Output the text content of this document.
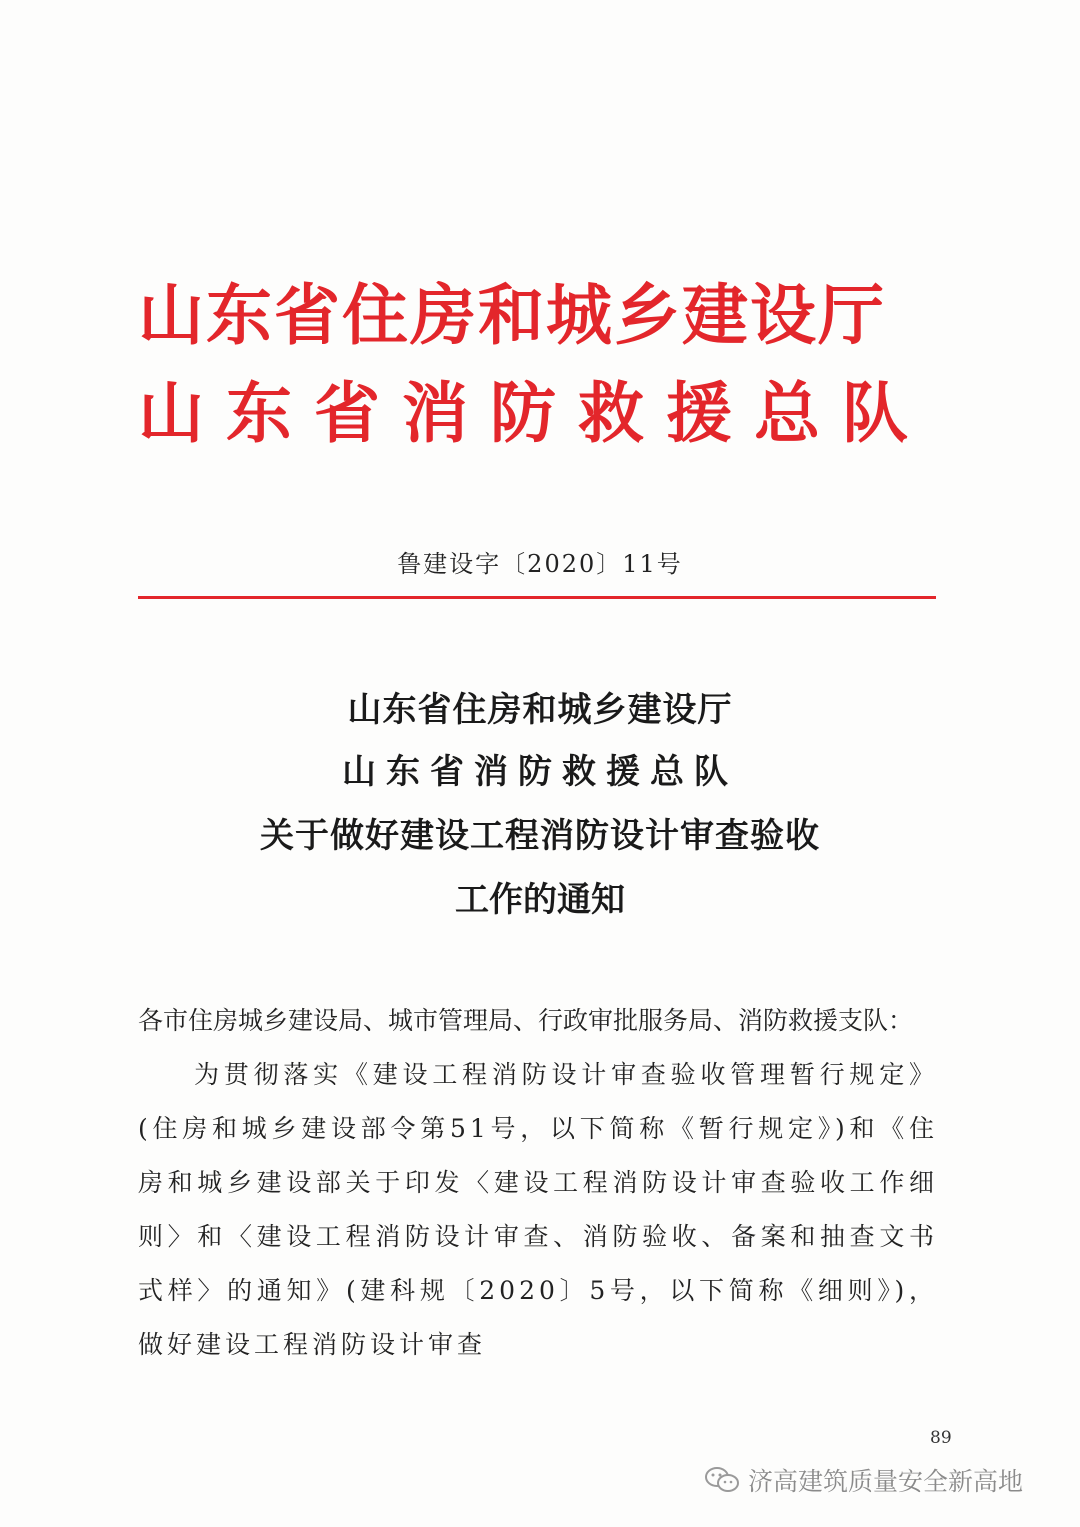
山东省住房和城乡建设厅
山东省消防救援总队
鲁建设字〔2020〕11号
山东省住房和城乡建设厅
山东省消防救援总队
关于做好建设工程消防设计审查验收
工作的通知
各市住房城乡建设局、城市管理局、行政审批服务局、消防救援支队：
为贯彻落实《建设工程消防设计审查验收管理暂行规定》(住房和城乡建设部令第51号，以下简称《暂行规定》)和《住房和城乡建设部关于印发〈建设工程消防设计审查验收工作细则〉和〈建设工程消防设计审查、消防验收、备案和抽查文书式样〉的通知》(建科规〔2020〕5号，以下简称《细则》)，做好建设工程消防设计审查
89
济高建筑质量安全新高地
